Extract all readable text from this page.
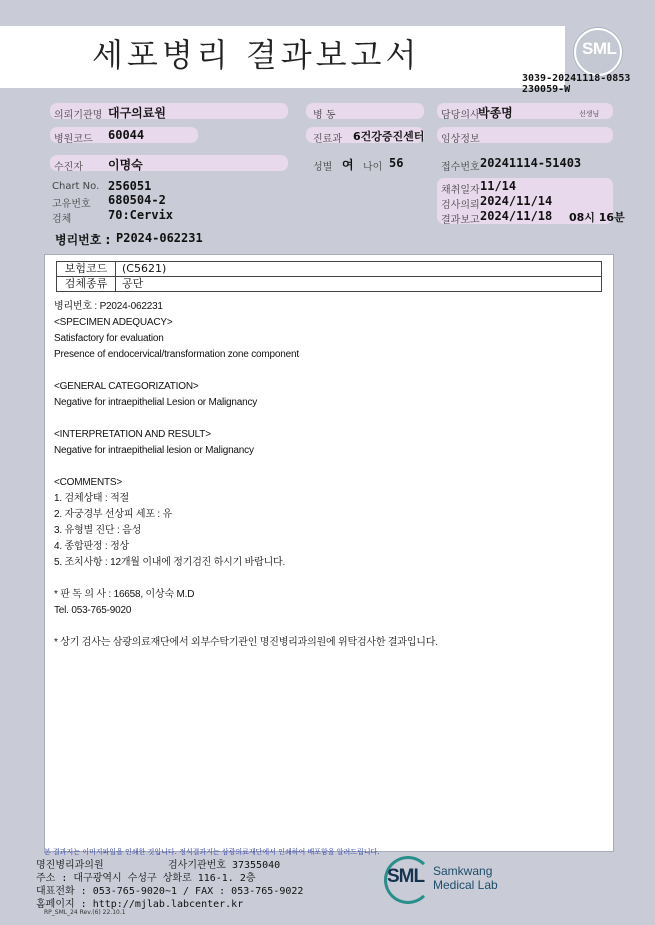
세포병리 결과보고서	SML
3039-20241118-0853
230059-W
의뢰기관명 대구의료원	병 동	담당의사
박종명	선생님
병원코드 60044	진료과 6건강증진센터 임상정보
수진자 이명숙	성별 여 나이 56	접수번호 20241114-51403
Chart No. 256051
고유번호 680504-2
검체	70:Cervix
채취일자 11/14
검사의뢰 2024/11/14
결과보고 2024/11/18 08시 16분
병리번호 : P2024-062231
보험코드	(C5621)
검체종류	공단
병리번호 : P2024-062231
<SPECIMEN ADEQUACY>
Satisfactory for evaluation
Presence of endocervical/transformation zone component
<GENERAL CATEGORIZATION>
Negative for intraepithelial Lesion or Malignancy
<INTERPRETATION AND RESULT>
Negative for intraepithelial lesion or Malignancy
<COMMENTS>
1. 검체상태 : 적절
2. 자궁경부 선상피 세포 : 유
3. 유형별 진단 : 음성
4. 종합판정 : 정상
5. 조치사항 : 12개월 이내에 정기검진 하시기 바랍니다.
* 판 독 의 사 : 16658, 이상숙 M.D
Tel. 053-765-9020
* 상기 검사는 삼광의료재단에서 외부수탁기관인 명진병리과의원에 위탁검사한 결과입니다.
본 결과지는 이미지파일을 인쇄한 것입니다. 정식결과지는 삼광의료재단에서 인쇄하여 배포함을 알려드립니다.
명진병리과의원	검사기관번호 37355040
주소 : 대구광역시 수성구 상화로 116-1. 2층
대표전화 : 053-765-9020~1 / FAX : 053-765-9022
홈페이지 : http://mjlab.labcenter.kr
RP_SML_24 Rev.(6) 22.10.1
SML Samkwang
Medical Lab
